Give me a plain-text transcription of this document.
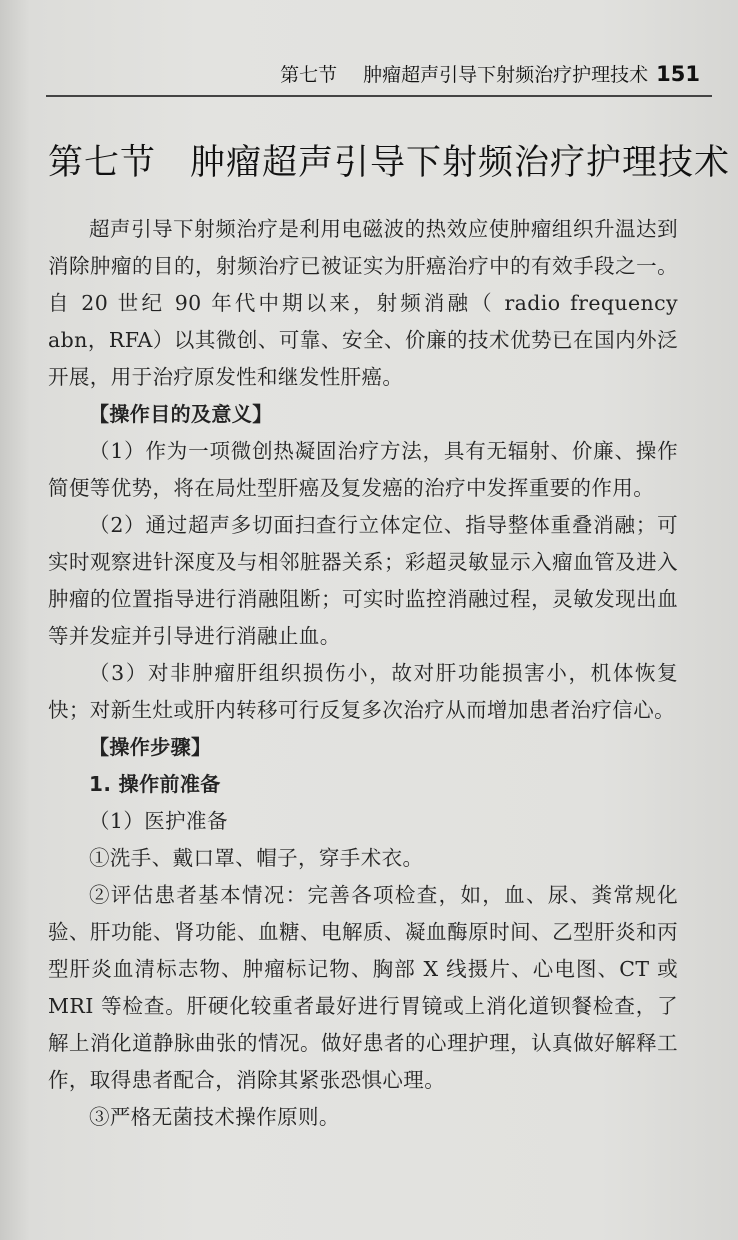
第七节 肿瘤超声引导下射频治疗护理技术 151
第七节 肿瘤超声引导下射频治疗护理技术

超声引导下射频治疗是利用电磁波的热效应使肿瘤组织升温达到消除肿瘤的目的，射频治疗已被证实为肝癌治疗中的有效手段之一。自 20 世纪 90 年代中期以来，射频消融（ radio frequency abn，RFA）以其微创、可靠、安全、价廉的技术优势已在国内外泛开展，用于治疗原发性和继发性肝癌。

【操作目的及意义】

（1）作为一项微创热凝固治疗方法，具有无辐射、价廉、操作简便等优势，将在局灶型肝癌及复发癌的治疗中发挥重要的作用。

（2）通过超声多切面扫查行立体定位、指导整体重叠消融；可实时观察进针深度及与相邻脏器关系；彩超灵敏显示入瘤血管及进入肿瘤的位置指导进行消融阻断；可实时监控消融过程，灵敏发现出血等并发症并引导进行消融止血。

（3）对非肿瘤肝组织损伤小，故对肝功能损害小，机体恢复快；对新生灶或肝内转移可行反复多次治疗从而增加患者治疗信心。

【操作步骤】
1. 操作前准备
（1）医护准备
①洗手、戴口罩、帽子，穿手术衣。

②评估患者基本情况：完善各项检查，如，血、尿、粪常规化验、肝功能、肾功能、血糖、电解质、凝血酶原时间、乙型肝炎和丙型肝炎血清标志物、肿瘤标记物、胸部 X 线摄片、心电图、CT 或 MRI 等检查。肝硬化较重者最好进行胃镜或上消化道钡餐检查，了解上消化道静脉曲张的情况。做好患者的心理护理，认真做好解释工作，取得患者配合，消除其紧张恐惧心理。

③严格无菌技术操作原则。
